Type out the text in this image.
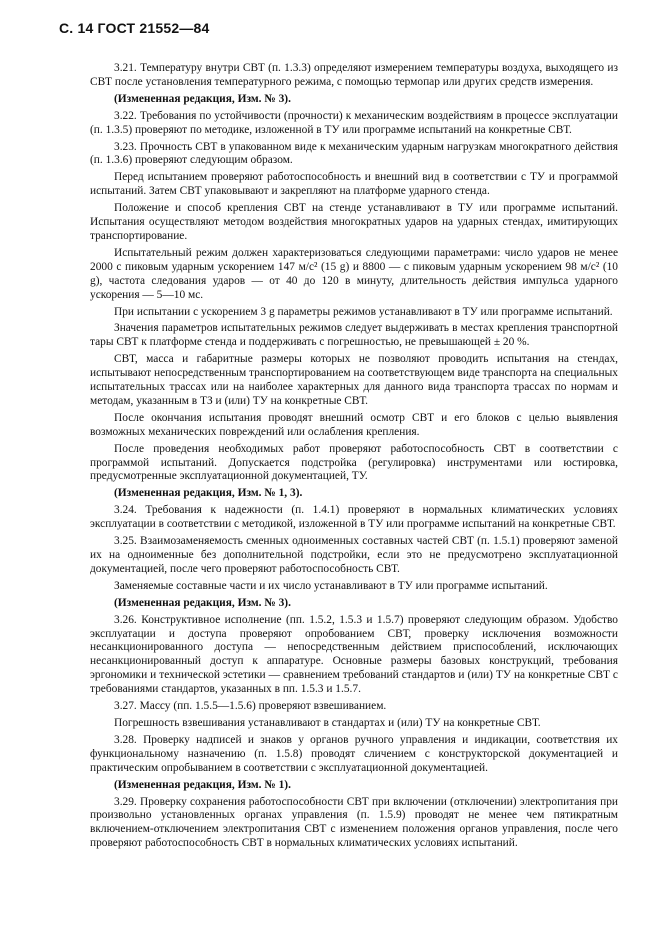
С. 14 ГОСТ 21552—84

3.21. Температуру внутри СВТ (п. 1.3.3) определяют измерением температуры воздуха, выходящего из СВТ после установления температурного режима, с помощью термопар или других средств измерения.

(Измененная редакция, Изм. № 3).

3.22. Требования по устойчивости (прочности) к механическим воздействиям в процессе эксплуатации (п. 1.3.5) проверяют по методике, изложенной в ТУ или программе испытаний на конкретные СВТ.

3.23. Прочность СВТ в упакованном виде к механическим ударным нагрузкам многократного действия (п. 1.3.6) проверяют следующим образом.

Перед испытанием проверяют работоспособность и внешний вид в соответствии с ТУ и программой испытаний. Затем СВТ упаковывают и закрепляют на платформе ударного стенда.

Положение и способ крепления СВТ на стенде устанавливают в ТУ или программе испытаний. Испытания осуществляют методом воздействия многократных ударов на ударных стендах, имитирующих транспортирование.

Испытательный режим должен характеризоваться следующими параметрами: число ударов не менее 2000 с пиковым ударным ускорением 147 м/с² (15 g) и 8800 — с пиковым ударным ускорением 98 м/с² (10 g), частота следования ударов — от 40 до 120 в минуту, длительность действия импульса ударного ускорения — 5—10 мс.

При испытании с ускорением 3 g параметры режимов устанавливают в ТУ или программе испытаний.

Значения параметров испытательных режимов следует выдерживать в местах крепления транспортной тары СВТ к платформе стенда и поддерживать с погрешностью, не превышающей ± 20 %.

СВТ, масса и габаритные размеры которых не позволяют проводить испытания на стендах, испытывают непосредственным транспортированием на соответствующем виде транспорта на специальных испытательных трассах или на наиболее характерных для данного вида транспорта трассах по нормам и методам, указанным в ТЗ и (или) ТУ на конкретные СВТ.

После окончания испытания проводят внешний осмотр СВТ и его блоков с целью выявления возможных механических повреждений или ослабления крепления.

После проведения необходимых работ проверяют работоспособность СВТ в соответствии с программой испытаний. Допускается подстройка (регулировка) инструментами или юстировка, предусмотренные эксплуатационной документацией, ТУ.

(Измененная редакция, Изм. № 1, 3).

3.24. Требования к надежности (п. 1.4.1) проверяют в нормальных климатических условиях эксплуатации в соответствии с методикой, изложенной в ТУ или программе испытаний на конкретные СВТ.

3.25. Взаимозаменяемость сменных одноименных составных частей СВТ (п. 1.5.1) проверяют заменой их на одноименные без дополнительной подстройки, если это не предусмотрено эксплуатационной документацией, после чего проверяют работоспособность СВТ.

Заменяемые составные части и их число устанавливают в ТУ или программе испытаний.

(Измененная редакция, Изм. № 3).

3.26. Конструктивное исполнение (пп. 1.5.2, 1.5.3 и 1.5.7) проверяют следующим образом. Удобство эксплуатации и доступа проверяют опробованием СВТ, проверку исключения возможности несанкционированного доступа — непосредственным действием приспособлений, исключающих несанкционированный доступ к аппаратуре. Основные размеры базовых конструкций, требования эргономики и технической эстетики — сравнением требований стандартов и (или) ТУ на конкретные СВТ с требованиями стандартов, указанных в пп. 1.5.3 и 1.5.7.

3.27. Массу (пп. 1.5.5—1.5.6) проверяют взвешиванием.

Погрешность взвешивания устанавливают в стандартах и (или) ТУ на конкретные СВТ.

3.28. Проверку надписей и знаков у органов ручного управления и индикации, соответствия их функциональному назначению (п. 1.5.8) проводят сличением с конструкторской документацией и практическим опробыванием в соответствии с эксплуатационной документацией.

(Измененная редакция, Изм. № 1).

3.29. Проверку сохранения работоспособности СВТ при включении (отключении) электропитания при произвольно установленных органах управления (п. 1.5.9) проводят не менее чем пятикратным включением-отключением электропитания СВТ с изменением положения органов управления, после чего проверяют работоспособность СВТ в нормальных климатических условиях испытаний.
